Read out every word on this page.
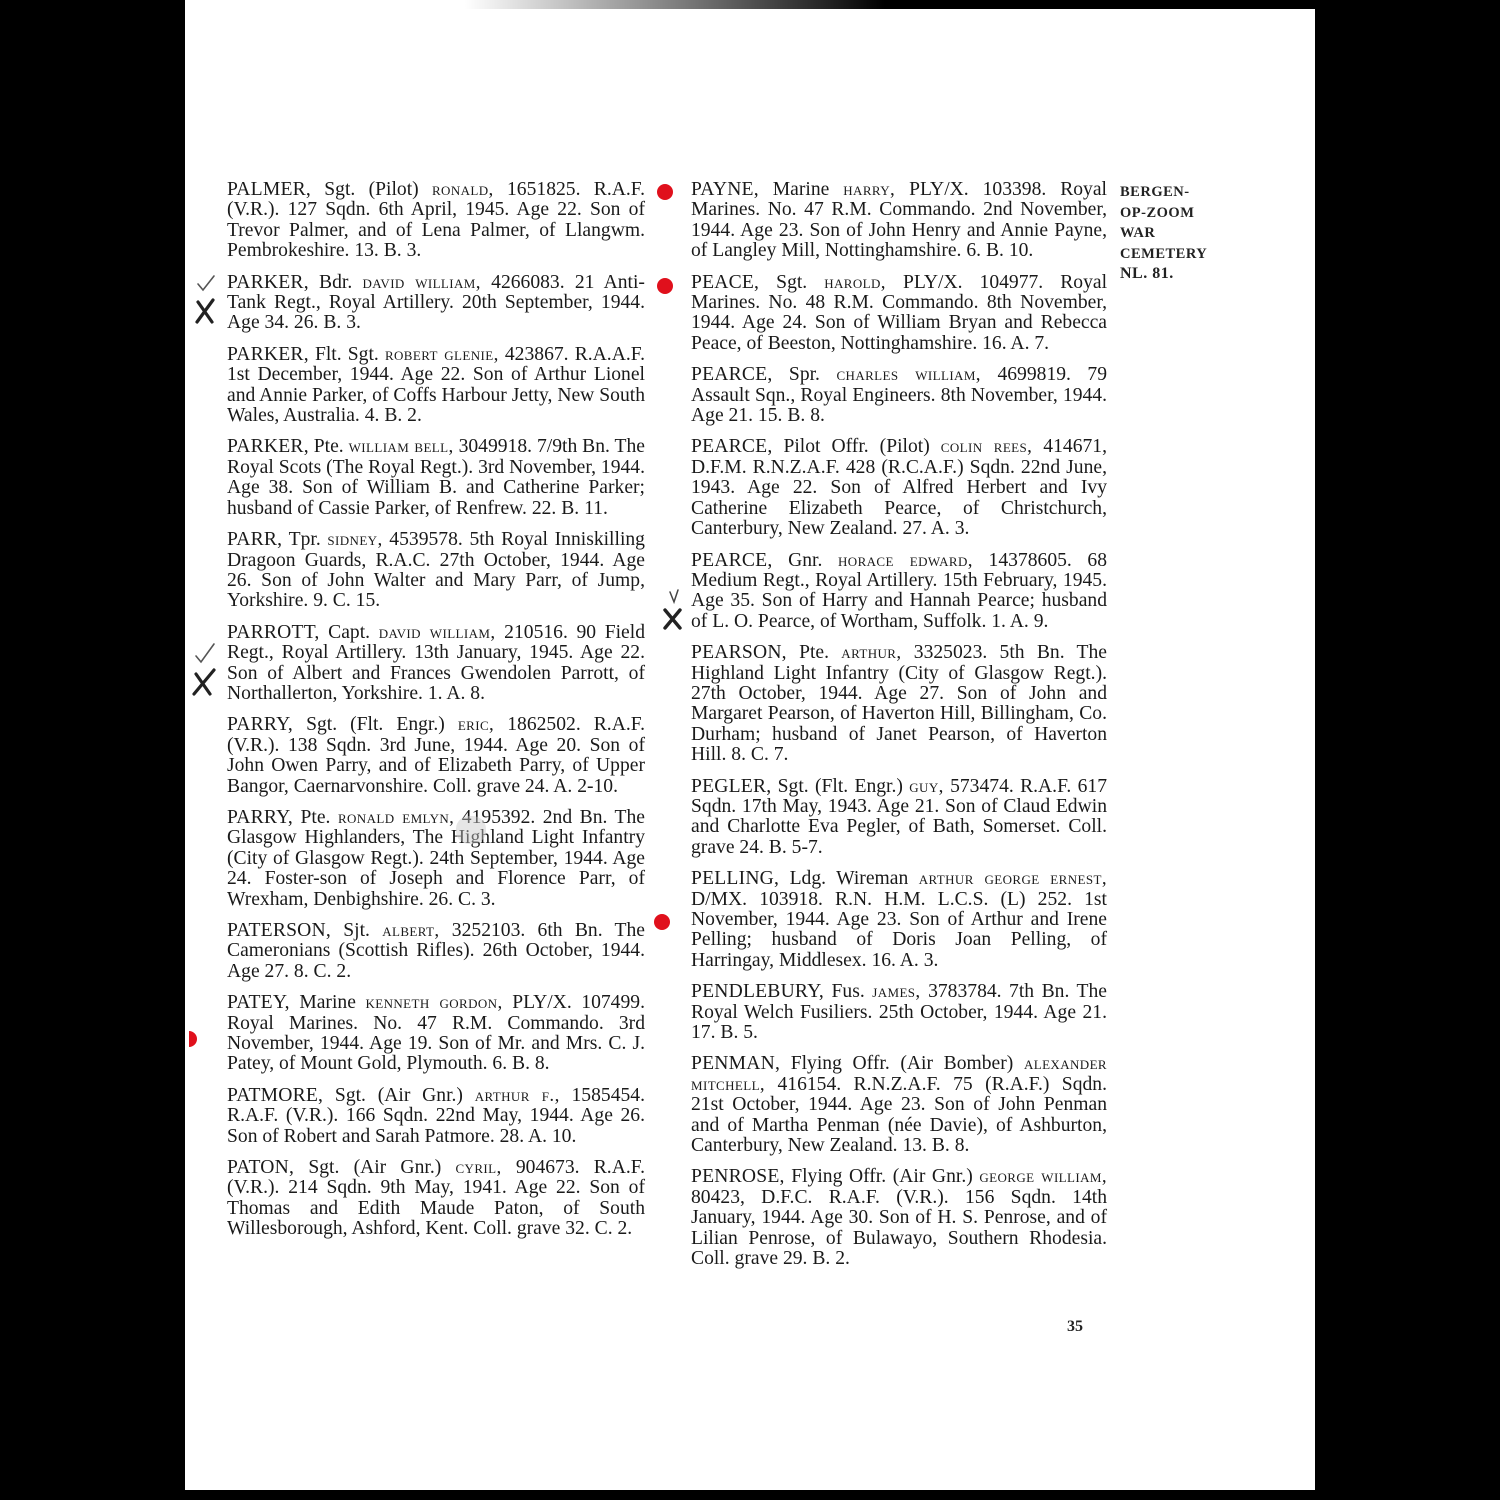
PALMER, Sgt. (Pilot) ronald, 1651825. R.A.F. (V.R.). 127 Sqdn. 6th April, 1945. Age 22. Son of Trevor Palmer, and of Lena Palmer, of Llangwm. Pembrokeshire. 13. B. 3.

PARKER, Bdr. david william, 4266083. 21 Anti-Tank Regt., Royal Artillery. 20th September, 1944. Age 34. 26. B. 3.

PARKER, Flt. Sgt. robert glenie, 423867. R.A.A.F. 1st December, 1944. Age 22. Son of Arthur Lionel and Annie Parker, of Coffs Harbour Jetty, New South Wales, Australia. 4. B. 2.

PARKER, Pte. william bell, 3049918. 7/9th Bn. The Royal Scots (The Royal Regt.). 3rd November, 1944. Age 38. Son of William B. and Catherine Parker; husband of Cassie Parker, of Renfrew. 22. B. 11.

PARR, Tpr. sidney, 4539578. 5th Royal Inniskilling Dragoon Guards, R.A.C. 27th October, 1944. Age 26. Son of John Walter and Mary Parr, of Jump, Yorkshire. 9. C. 15.

PARROTT, Capt. david william, 210516. 90 Field Regt., Royal Artillery. 13th January, 1945. Age 22. Son of Albert and Frances Gwendolen Parrott, of Northallerton, Yorkshire. 1. A. 8.

PARRY, Sgt. (Flt. Engr.) eric, 1862502. R.A.F. (V.R.). 138 Sqdn. 3rd June, 1944. Age 20. Son of John Owen Parry, and of Elizabeth Parry, of Upper Bangor, Caernarvonshire. Coll. grave 24. A. 2-10.

PARRY, Pte. ronald emlyn, 4195392. 2nd Bn. The Glasgow Highlanders, The Highland Light Infantry (City of Glasgow Regt.). 24th September, 1944. Age 24. Foster-son of Joseph and Florence Parr, of Wrexham, Denbighshire. 26. C. 3.

PATERSON, Sjt. albert, 3252103. 6th Bn. The Cameronians (Scottish Rifles). 26th October, 1944. Age 27. 8. C. 2.

PATEY, Marine kenneth gordon, PLY/X. 107499. Royal Marines. No. 47 R.M. Commando. 3rd November, 1944. Age 19. Son of Mr. and Mrs. C. J. Patey, of Mount Gold, Plymouth. 6. B. 8.

PATMORE, Sgt. (Air Gnr.) arthur f., 1585454. R.A.F. (V.R.). 166 Sqdn. 22nd May, 1944. Age 26. Son of Robert and Sarah Patmore. 28. A. 10.

PATON, Sgt. (Air Gnr.) cyril, 904673. R.A.F. (V.R.). 214 Sqdn. 9th May, 1941. Age 22. Son of Thomas and Edith Maude Paton, of South Willesborough, Ashford, Kent. Coll. grave 32. C. 2.

PAYNE, Marine harry, PLY/X. 103398. Royal Marines. No. 47 R.M. Commando. 2nd November, 1944. Age 23. Son of John Henry and Annie Payne, of Langley Mill, Nottinghamshire. 6. B. 10.

PEACE, Sgt. harold, PLY/X. 104977. Royal Marines. No. 48 R.M. Commando. 8th November, 1944. Age 24. Son of William Bryan and Rebecca Peace, of Beeston, Nottinghamshire. 16. A. 7.

PEARCE, Spr. charles william, 4699819. 79 Assault Sqn., Royal Engineers. 8th November, 1944. Age 21. 15. B. 8.

PEARCE, Pilot Offr. (Pilot) colin rees, 414671, D.F.M. R.N.Z.A.F. 428 (R.C.A.F.) Sqdn. 22nd June, 1943. Age 22. Son of Alfred Herbert and Ivy Catherine Elizabeth Pearce, of Christchurch, Canterbury, New Zealand. 27. A. 3.

PEARCE, Gnr. horace edward, 14378605. 68 Medium Regt., Royal Artillery. 15th February, 1945. Age 35. Son of Harry and Hannah Pearce; husband of L. O. Pearce, of Wortham, Suffolk. 1. A. 9.

PEARSON, Pte. arthur, 3325023. 5th Bn. The Highland Light Infantry (City of Glasgow Regt.). 27th October, 1944. Age 27. Son of John and Margaret Pearson, of Haverton Hill, Billingham, Co. Durham; husband of Janet Pearson, of Haverton Hill. 8. C. 7.

PEGLER, Sgt. (Flt. Engr.) guy, 573474. R.A.F. 617 Sqdn. 17th May, 1943. Age 21. Son of Claud Edwin and Charlotte Eva Pegler, of Bath, Somerset. Coll. grave 24. B. 5-7.

PELLING, Ldg. Wireman arthur george ernest, D/MX. 103918. R.N. H.M. L.C.S. (L) 252. 1st November, 1944. Age 23. Son of Arthur and Irene Pelling; husband of Doris Joan Pelling, of Harringay, Middlesex. 16. A. 3.

PENDLEBURY, Fus. james, 3783784. 7th Bn. The Royal Welch Fusiliers. 25th October, 1944. Age 21. 17. B. 5.

PENMAN, Flying Offr. (Air Bomber) alexander mitchell, 416154. R.N.Z.A.F. 75 (R.A.F.) Sqdn. 21st October, 1944. Age 23. Son of John Penman and of Martha Penman (née Davie), of Ashburton, Canterbury, New Zealand. 13. B. 8.

PENROSE, Flying Offr. (Air Gnr.) george william, 80423, D.F.C. R.A.F. (V.R.). 156 Sqdn. 14th January, 1944. Age 30. Son of H. S. Penrose, and of Lilian Penrose, of Bulawayo, Southern Rhodesia. Coll. grave 29. B. 2.

BERGEN-
OP-ZOOM
WAR
CEMETERY
NL. 81.
35
